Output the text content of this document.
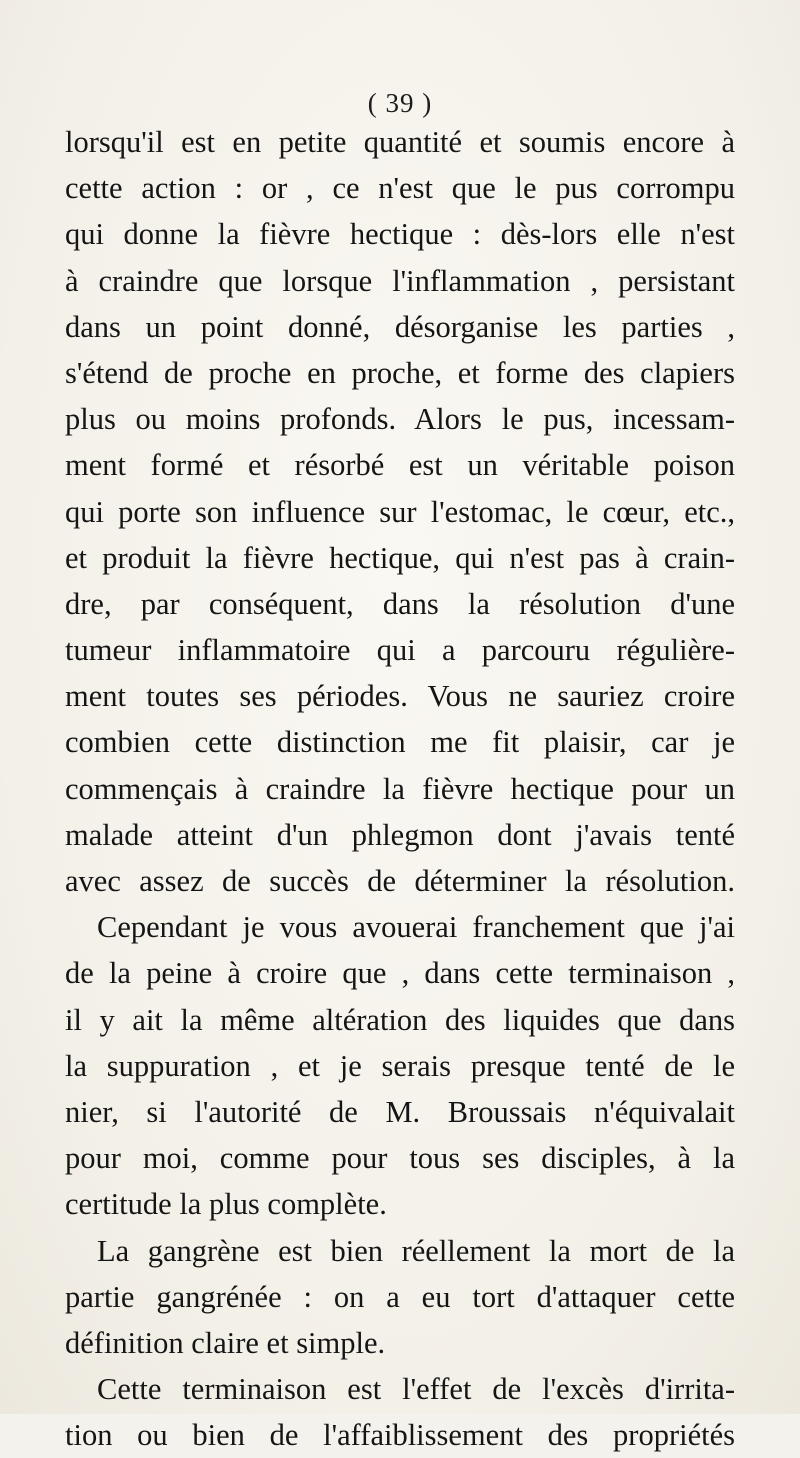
( 39 )
lorsqu'il est en petite quantité et soumis encore à
cette action : or , ce n'est que le pus corrompu
qui donne la fièvre hectique : dès-lors elle n'est
à craindre que lorsque l'inflammation , persistant
dans un point donné, désorganise les parties ,
s'étend de proche en proche, et forme des clapiers
plus ou moins profonds. Alors le pus, incessam-
ment formé et résorbé est un véritable poison
qui porte son influence sur l'estomac, le cœur, etc.,
et produit la fièvre hectique, qui n'est pas à crain-
dre, par conséquent, dans la résolution d'une
tumeur inflammatoire qui a parcouru régulière-
ment toutes ses périodes. Vous ne sauriez croire
combien cette distinction me fit plaisir, car je
commençais à craindre la fièvre hectique pour un
malade atteint d'un phlegmon dont j'avais tenté
avec assez de succès de déterminer la résolution.
Cependant je vous avouerai franchement que j'ai
de la peine à croire que , dans cette terminaison ,
il y ait la même altération des liquides que dans
la suppuration , et je serais presque tenté de le
nier, si l'autorité de M. Broussais n'équivalait
pour moi, comme pour tous ses disciples, à la
certitude la plus complète.
La gangrène est bien réellement la mort de la
partie gangrénée : on a eu tort d'attaquer cette
définition claire et simple.
Cette terminaison est l'effet de l'excès d'irrita-
tion ou bien de l'affaiblissement des propriétés
